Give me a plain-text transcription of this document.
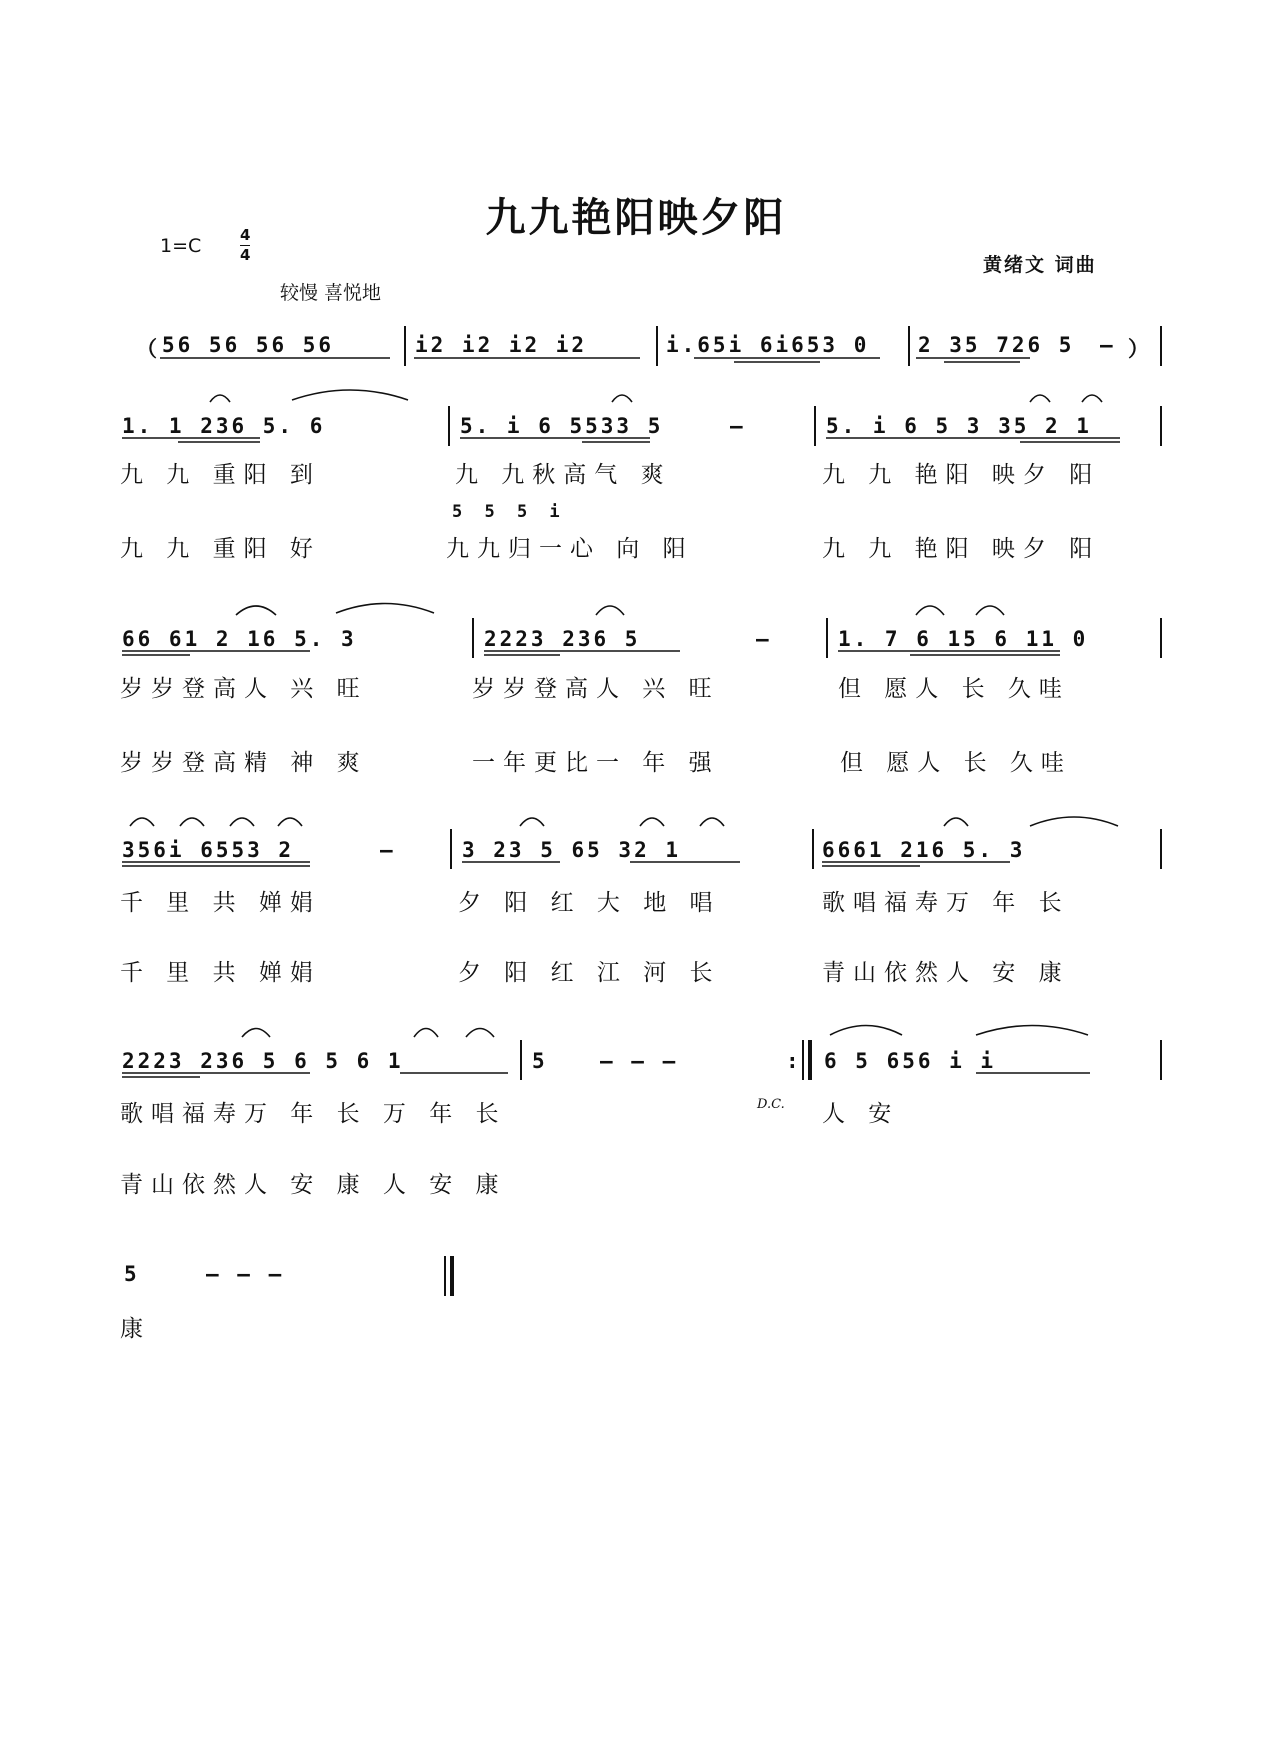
九九艳阳映夕阳
1=C	4
4
较慢 喜悦地
黄绪文 词曲
（ 56 56 56 56	i2 i2 i2 i2	i.65i 6i653 0 2 35 726 5 – ）
1. 1 236 5. 6	5. i 6 5533 5	–	5. i 6 5 3 35 2 1
九 九 重阳 到	九 九秋高气 爽	九 九 艳阳 映夕 阳
5 5 5 i
九 九 重阳 好	九九归一心 向 阳	九 九 艳阳 映夕 阳
66 61 2 16 5. 3	2223 236 5	–	1. 7 6 15 6 11 0
岁岁登高人 兴 旺	岁岁登高人 兴 旺	但 愿人 长 久哇
岁岁登高精 神 爽	一年更比一 年 强	但 愿人 长 久哇
356i 6553 2	–	3 23 5 65 32 1	6661 216 5. 3
千 里 共 婵娟	夕 阳 红 大 地 唱	歌唱福寿万 年 长
千 里 共 婵娟	夕 阳 红 江 河 长	青山依然人 安 康
2223 236 5 6 5 6 1	5 – – –	: 6 5 656 i i
歌唱福寿万 年 长 万 年 长	D.C. 人 安
青山依然人 安 康 人 安 康
5	– – –
康
